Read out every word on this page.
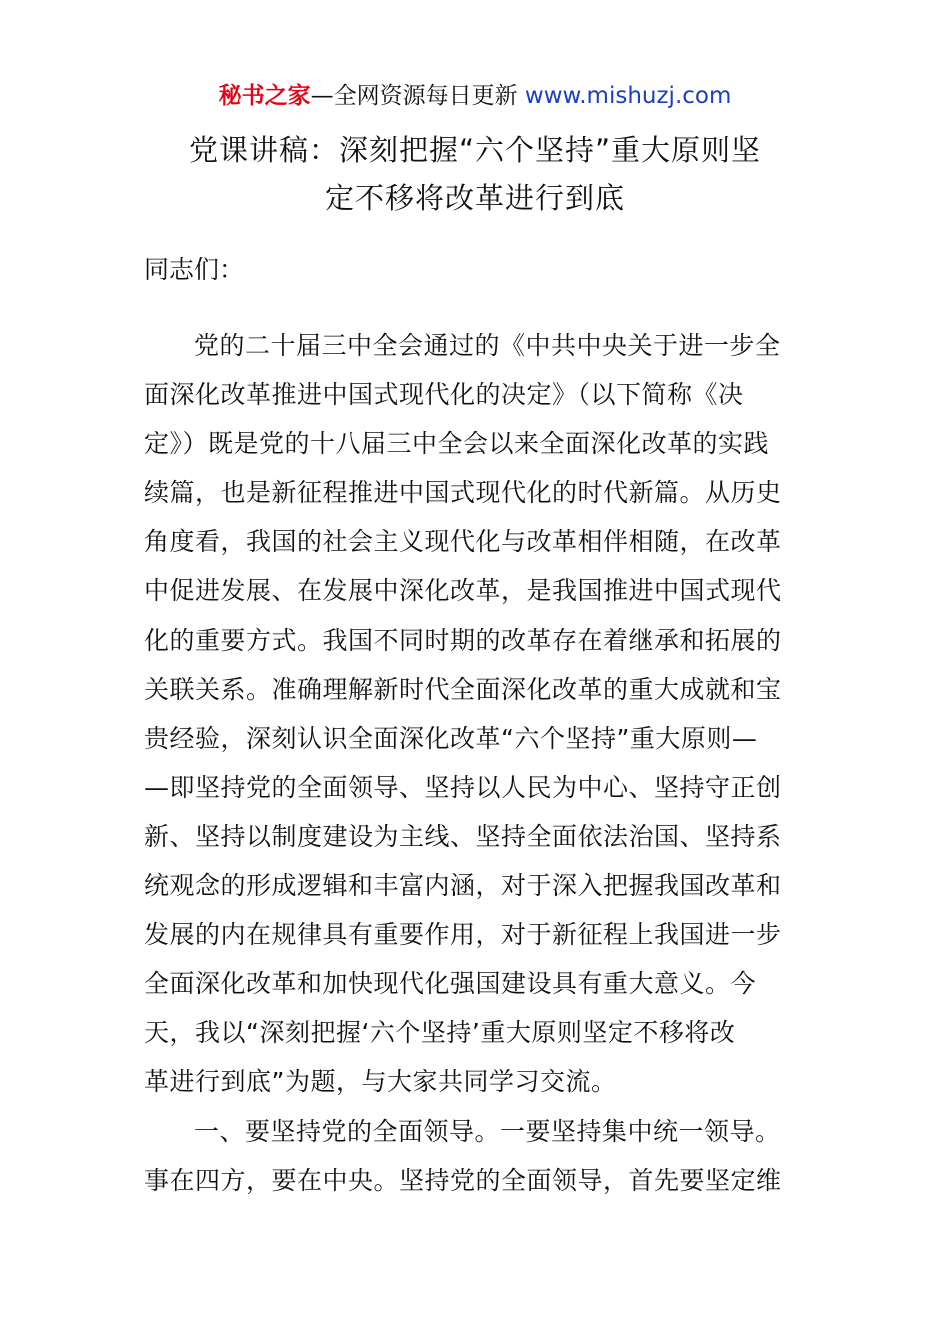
秘书之家—全网资源每日更新 www.mishuzj.com
党课讲稿：深刻把握“六个坚持”重大原则坚
定不移将改革进行到底
同志们：
党的二十届三中全会通过的《中共中央关于进一步全
面深化改革推进中国式现代化的决定》（以下简称《决
定》）既是党的十八届三中全会以来全面深化改革的实践
续篇，也是新征程推进中国式现代化的时代新篇。从历史
角度看，我国的社会主义现代化与改革相伴相随，在改革
中促进发展、在发展中深化改革，是我国推进中国式现代
化的重要方式。我国不同时期的改革存在着继承和拓展的
关联关系。准确理解新时代全面深化改革的重大成就和宝
贵经验，深刻认识全面深化改革“六个坚持”重大原则—
—即坚持党的全面领导、坚持以人民为中心、坚持守正创
新、坚持以制度建设为主线、坚持全面依法治国、坚持系
统观念的形成逻辑和丰富内涵，对于深入把握我国改革和
发展的内在规律具有重要作用，对于新征程上我国进一步
全面深化改革和加快现代化强国建设具有重大意义。今
天，我以“深刻把握‘六个坚持’重大原则坚定不移将改
革进行到底”为题，与大家共同学习交流。
一、要坚持党的全面领导。一要坚持集中统一领导。
事在四方，要在中央。坚持党的全面领导，首先要坚定维
